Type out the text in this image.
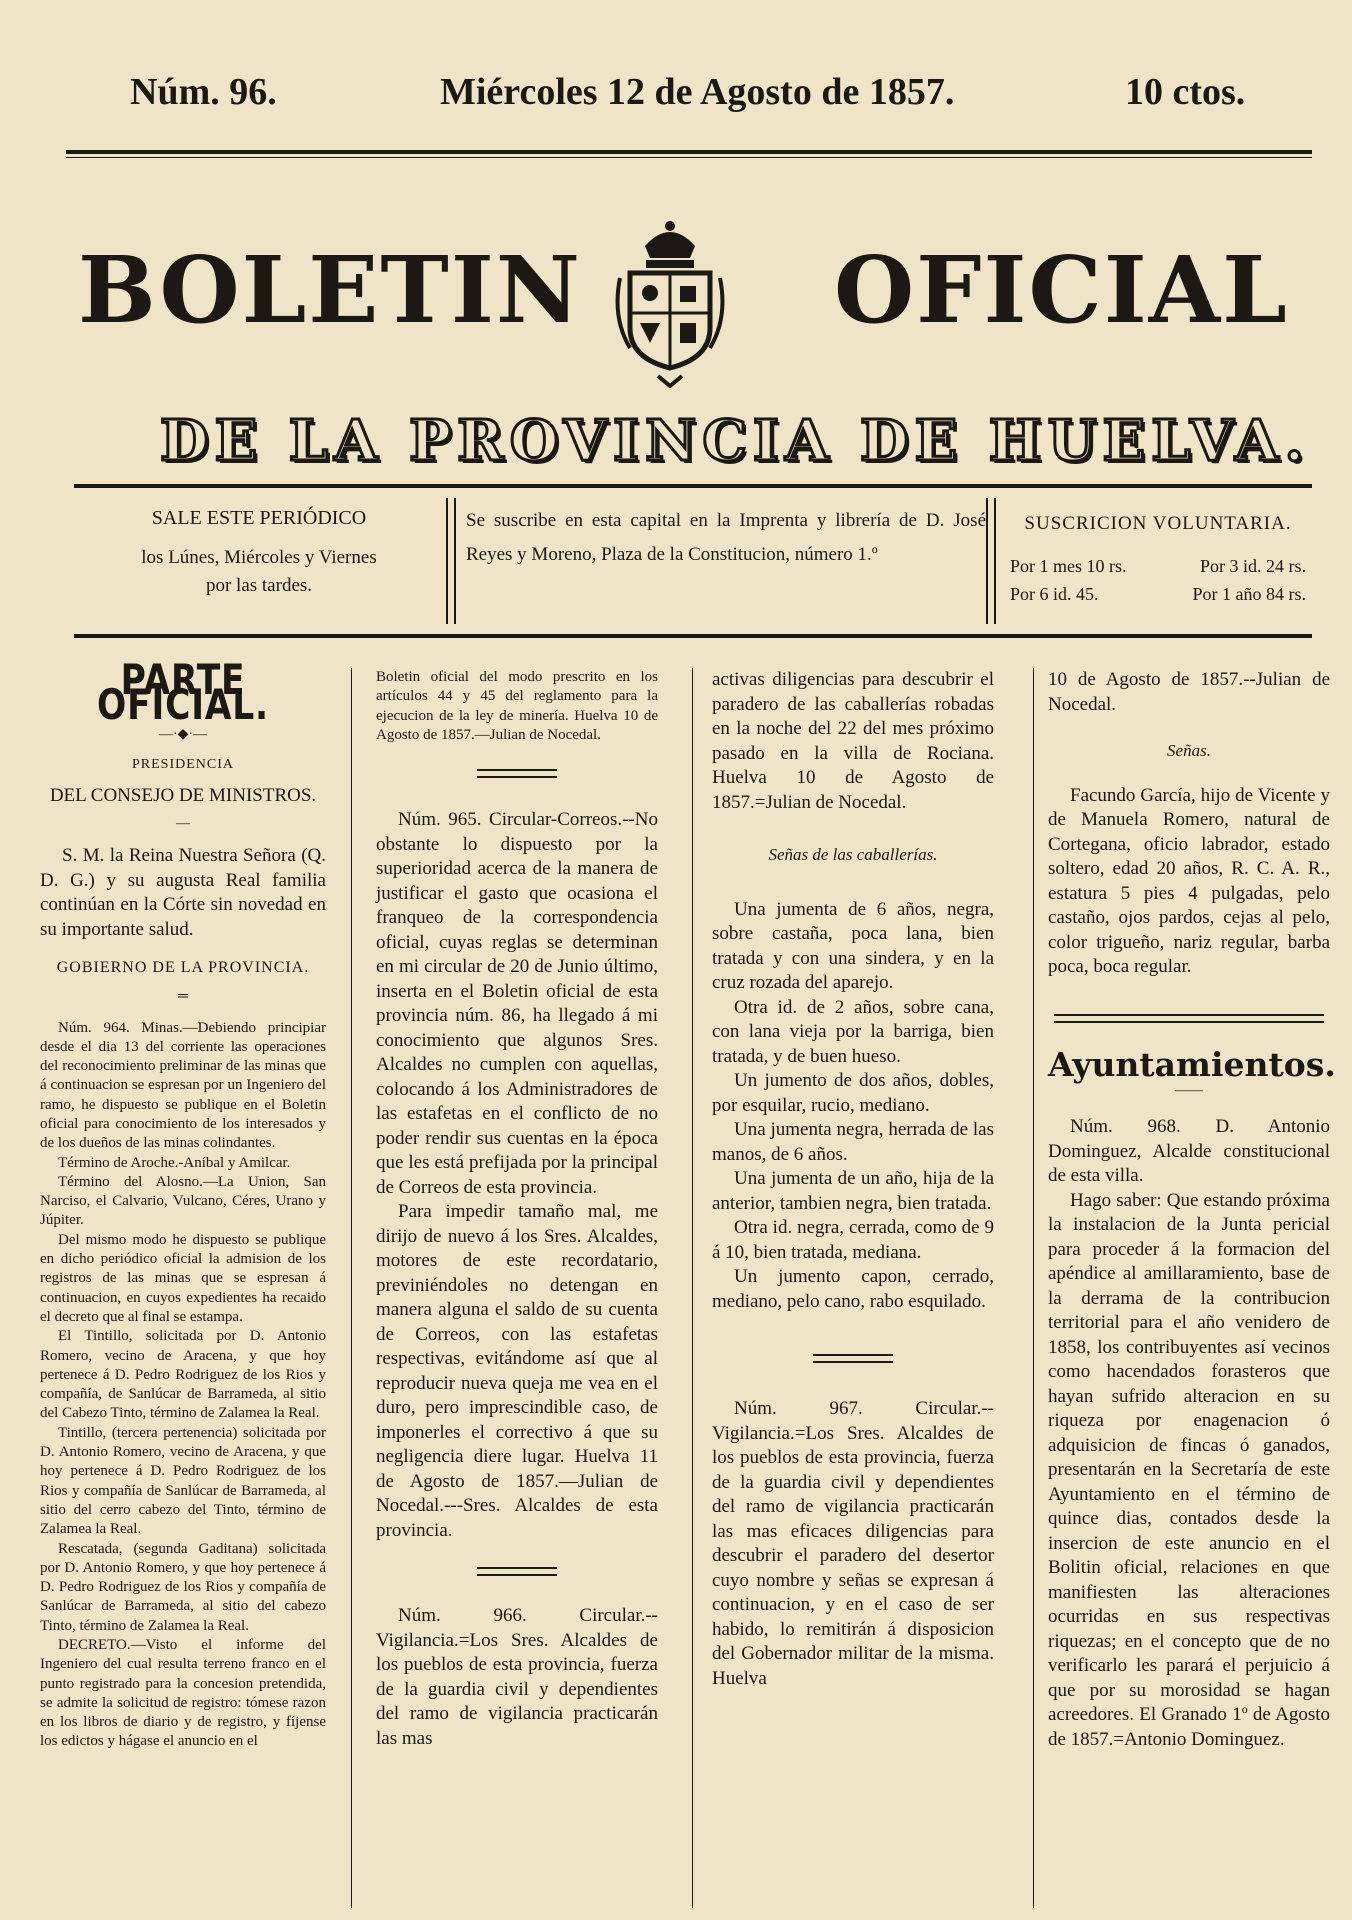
Núm. 96.	Miércoles 12 de Agosto de 1857.	10 ctos.
BOLETIN	OFICIAL
DE LA PROVINCIA DE HUELVA.
SALE ESTE PERIÓDICO
los Lúnes, Miércoles y Viernes por las tardes.
Se suscribe en esta capital en la Imprenta y librería de D. José Reyes y Moreno, Plaza de la Constitucion, número 1.º
SUSCRICION VOLUNTARIA.
Por 1 mes 10 rs.	Por 3 id. 24 rs.
Por 6 id. 45.	Por 1 año 84 rs.
PARTE OFICIAL.
—·◆·—

PRESIDENCIA

DEL CONSEJO DE MINISTROS.

—

S. M. la Reina Nuestra Señora (Q. D. G.) y su augusta Real familia continúan en la Córte sin novedad en su importante salud.

GOBIERNO DE LA PROVINCIA.

═

Núm. 964. Minas.—Debiendo principiar desde el dia 13 del corriente las operaciones del reconocimiento preliminar de las minas que á continuacion se espresan por un Ingeniero del ramo, he dispuesto se publique en el Boletin oficial para conocimiento de los interesados y de los dueños de las minas colindantes.

Término de Aroche.-Aníbal y Amilcar.

Término del Alosno.—La Union, San Narciso, el Calvario, Vulcano, Céres, Urano y Júpiter.

Del mismo modo he dispuesto se publique en dicho periódico oficial la admision de los registros de las minas que se espresan á continuacion, en cuyos expedientes ha recaido el decreto que al final se estampa.

El Tintillo, solicitada por D. Antonio Romero, vecino de Aracena, y que hoy pertenece á D. Pedro Rodriguez de los Rios y compañía, de Sanlúcar de Barrameda, al sitio del Cabezo Tinto, término de Zalamea la Real.

Tintillo, (tercera pertenencia) solicitada por D. Antonio Romero, vecino de Aracena, y que hoy pertenece á D. Pedro Rodriguez de los Rios y compañía de Sanlúcar de Barrameda, al sitio del cerro cabezo del Tinto, término de Zalamea la Real.

Rescatada, (segunda Gaditana) solicitada por D. Antonio Romero, y que hoy pertenece á D. Pedro Rodriguez de los Rios y compañía de Sanlúcar de Barrameda, al sitio del cabezo Tinto, término de Zalamea la Real.

DECRETO.—Visto el informe del Ingeniero del cual resulta terreno franco en el punto registrado para la concesion pretendida, se admite la solicitud de registro: tómese razon en los libros de diario y de registro, y fíjense los edictos y hágase el anuncio en el

Boletin oficial del modo prescrito en los artículos 44 y 45 del reglamento para la ejecucion de la ley de minería. Huelva 10 de Agosto de 1857.—Julian de Nocedal.

Núm. 965. Circular-Correos.--No obstante lo dispuesto por la superioridad acerca de la manera de justificar el gasto que ocasiona el franqueo de la correspondencia oficial, cuyas reglas se determinan en mi circular de 20 de Junio último, inserta en el Boletin oficial de esta provincia núm. 86, ha llegado á mi conocimiento que algunos Sres. Alcaldes no cumplen con aquellas, colocando á los Administradores de las estafetas en el conflicto de no poder rendir sus cuentas en la época que les está prefijada por la principal de Correos de esta provincia.

Para impedir tamaño mal, me dirijo de nuevo á los Sres. Alcaldes, motores de este recordatario, previniéndoles no detengan en manera alguna el saldo de su cuenta de Correos, con las estafetas respectivas, evitándome así que al reproducir nueva queja me vea en el duro, pero imprescindible caso, de imponerles el correctivo á que su negligencia diere lugar. Huelva 11 de Agosto de 1857.—Julian de Nocedal.---Sres. Alcaldes de esta provincia.

Núm. 966. Circular.--Vigilancia.=Los Sres. Alcaldes de los pueblos de esta provincia, fuerza de la guardia civil y dependientes del ramo de vigilancia practicarán las mas

activas diligencias para descubrir el paradero de las caballerías robadas en la noche del 22 del mes próximo pasado en la villa de Rociana. Huelva 10 de Agosto de 1857.=Julian de Nocedal.

Señas de las caballerías.

Una jumenta de 6 años, negra, sobre castaña, poca lana, bien tratada y con una sindera, y en la cruz rozada del aparejo.

Otra id. de 2 años, sobre cana, con lana vieja por la barriga, bien tratada, y de buen hueso.

Un jumento de dos años, dobles, por esquilar, rucio, mediano.

Una jumenta negra, herrada de las manos, de 6 años.

Una jumenta de un año, hija de la anterior, tambien negra, bien tratada.

Otra id. negra, cerrada, como de 9 á 10, bien tratada, mediana.

Un jumento capon, cerrado, mediano, pelo cano, rabo esquilado.

Núm. 967. Circular.--Vigilancia.=Los Sres. Alcaldes de los pueblos de esta provincia, fuerza de la guardia civil y dependientes del ramo de vigilancia practicarán las mas eficaces diligencias para descubrir el paradero del desertor cuyo nombre y señas se expresan á continuacion, y en el caso de ser habido, lo remitirán á disposicion del Gobernador militar de la misma. Huelva

10 de Agosto de 1857.--Julian de Nocedal.

Señas.

Facundo García, hijo de Vicente y de Manuela Romero, natural de Cortegana, oficio labrador, estado soltero, edad 20 años, R. C. A. R., estatura 5 pies 4 pulgadas, pelo castaño, ojos pardos, cejas al pelo, color trigueño, nariz regular, barba poca, boca regular.

Ayuntamientos.
——

Núm. 968. D. Antonio Dominguez, Alcalde constitucional de esta villa.

Hago saber: Que estando próxima la instalacion de la Junta pericial para proceder á la formacion del apéndice al amillaramiento, base de la derrama de la contribucion territorial para el año venidero de 1858, los contribuyentes así vecinos como hacendados forasteros que hayan sufrido alteracion en su riqueza por enagenacion ó adquisicion de fincas ó ganados, presentarán en la Secretaría de este Ayuntamiento en el término de quince dias, contados desde la insercion de este anuncio en el Bolitin oficial, relaciones en que manifiesten las alteraciones ocurridas en sus respectivas riquezas; en el concepto que de no verificarlo les parará el perjuicio á que por su morosidad se hagan acreedores. El Granado 1º de Agosto de 1857.=Antonio Dominguez.
